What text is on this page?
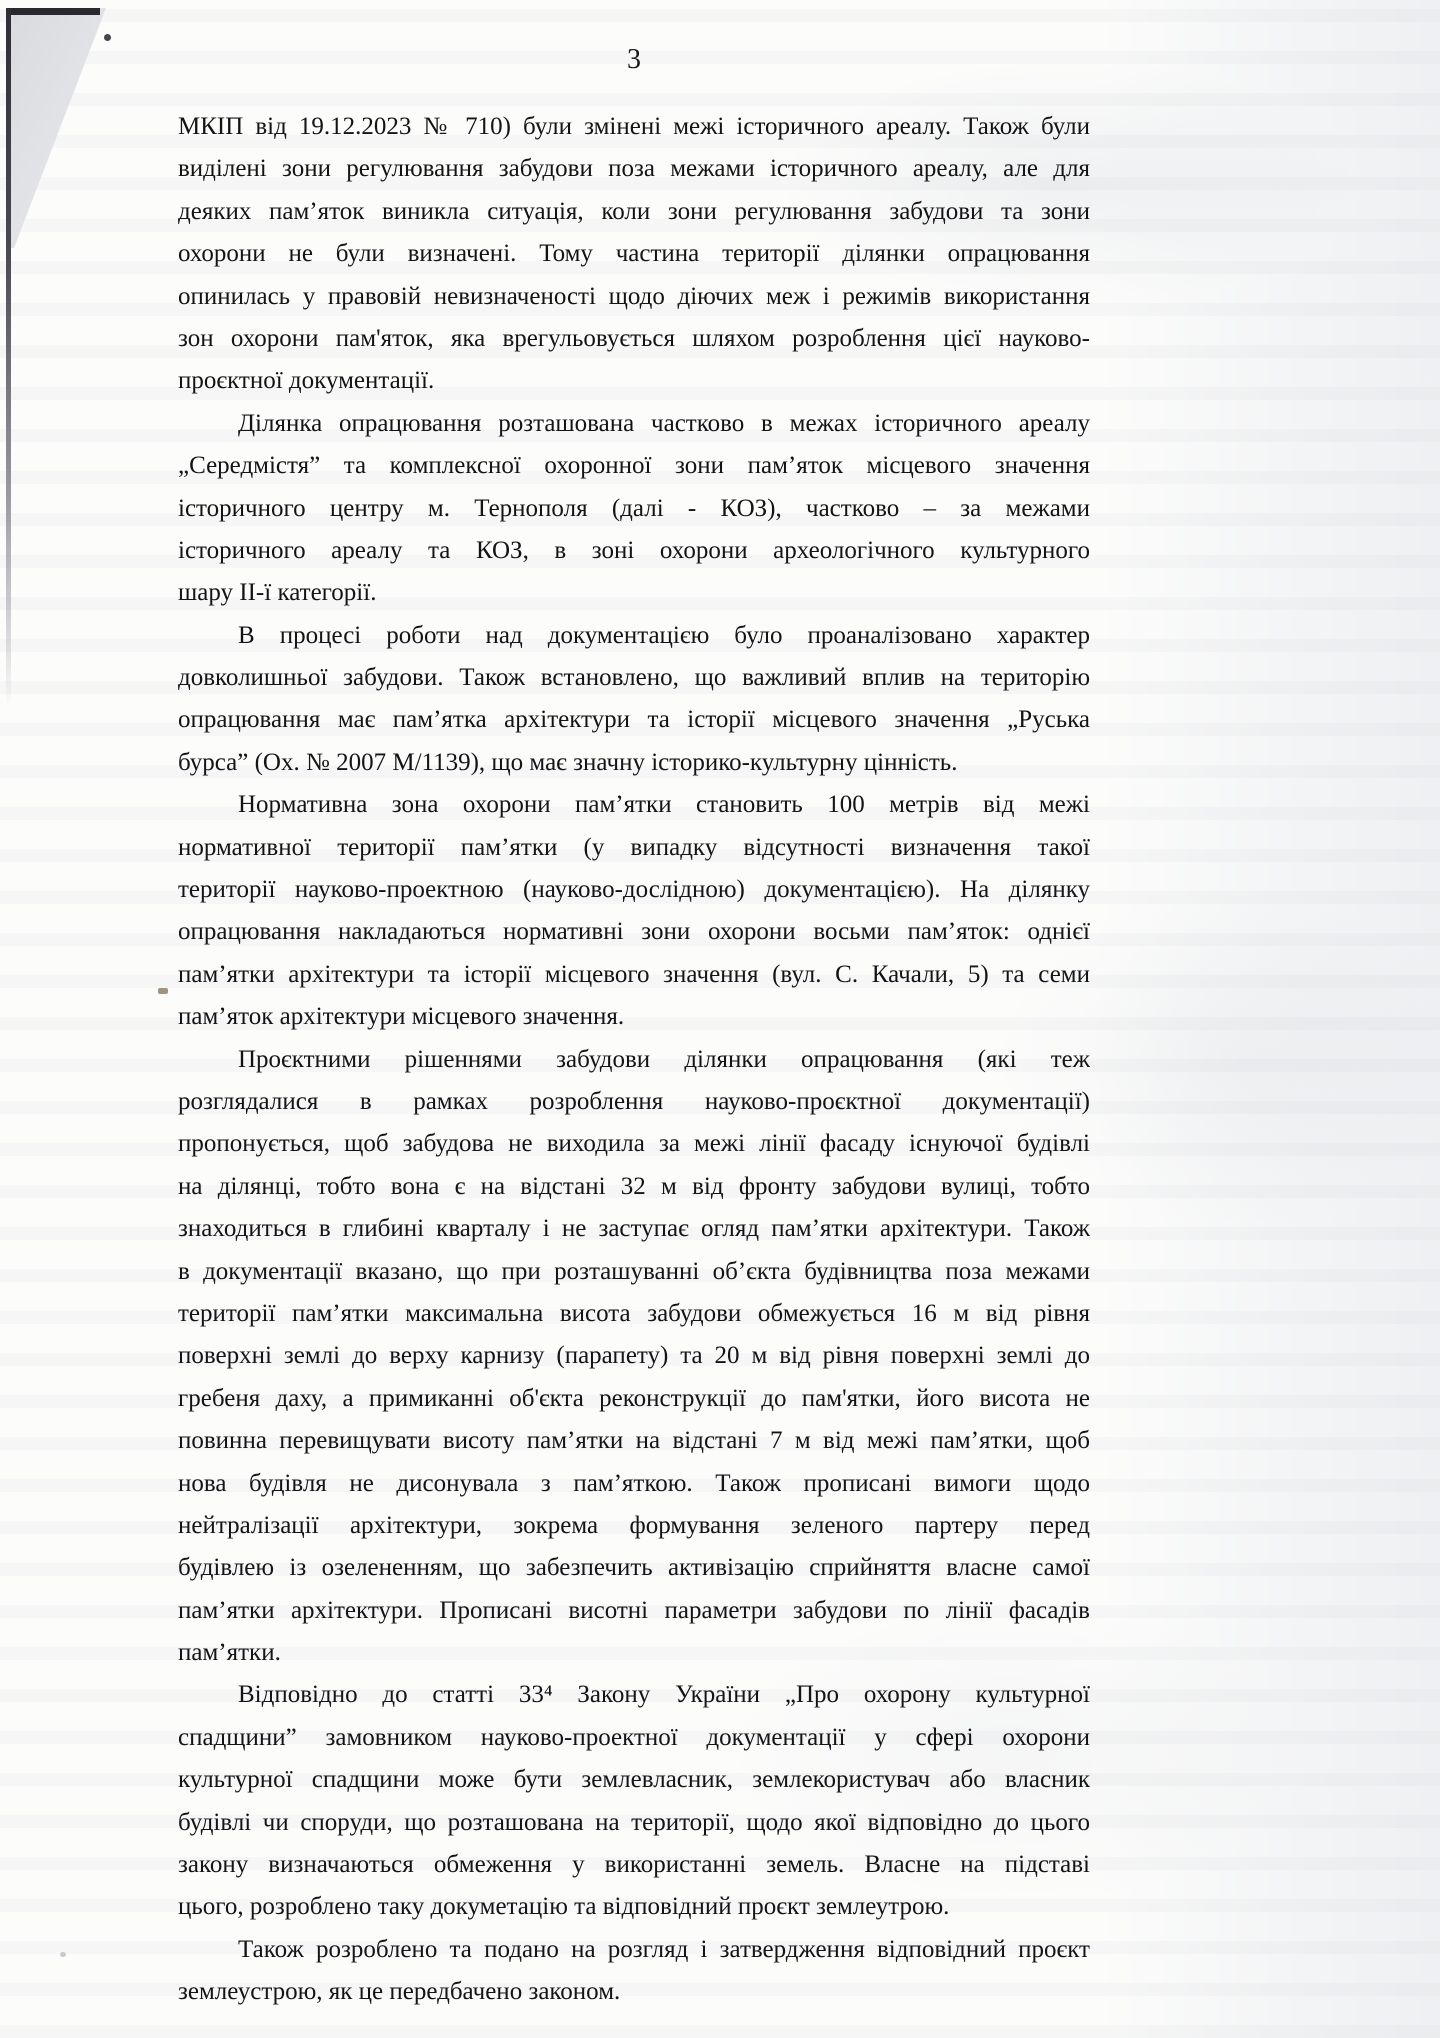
3
МКІП від 19.12.2023 № 710) були змінені межі історичного ареалу. Також були
виділені зони регулювання забудови поза межами історичного ареалу, але для
деяких пам’яток виникла ситуація, коли зони регулювання забудови та зони
охорони не були визначені. Тому частина території ділянки опрацювання
опинилась у правовій невизначеності щодо діючих меж і режимів використання
зон охорони пам'яток, яка врегульовується шляхом розроблення цієї науково-
проєктної документації.
Ділянка опрацювання розташована частково в межах історичного ареалу
„Середмістя” та комплексної охоронної зони пам’яток місцевого значення
історичного центру м. Тернополя (далі - КОЗ), частково – за межами
історичного ареалу та КОЗ, в зоні охорони археологічного культурного
шару ІІ-ї категорії.
В процесі роботи над документацією було проаналізовано характер
довколишньої забудови. Також встановлено, що важливий вплив на територію
опрацювання має пам’ятка архітектури та історії місцевого значення „Руська
бурса” (Ох. № 2007 М/1139), що має значну історико-культурну цінність.
Нормативна зона охорони пам’ятки становить 100 метрів від межі
нормативної території пам’ятки (у випадку відсутності визначення такої
території науково-проектною (науково-дослідною) документацією). На ділянку
опрацювання накладаються нормативні зони охорони восьми пам’яток: однієї
пам’ятки архітектури та історії місцевого значення (вул. С. Качали, 5) та семи
пам’яток архітектури місцевого значення.
Проєктними рішеннями забудови ділянки опрацювання (які теж
розглядалися в рамках розроблення науково-проєктної документації)
пропонується, щоб забудова не виходила за межі лінії фасаду існуючої будівлі
на ділянці, тобто вона є на відстані 32 м від фронту забудови вулиці, тобто
знаходиться в глибині кварталу і не заступає огляд пам’ятки архітектури. Також
в документації вказано, що при розташуванні об’єкта будівництва поза межами
території пам’ятки максимальна висота забудови обмежується 16 м від рівня
поверхні землі до верху карнизу (парапету) та 20 м від рівня поверхні землі до
гребеня даху, а примиканні об'єкта реконструкції до пам'ятки, його висота не
повинна перевищувати висоту пам’ятки на відстані 7 м від межі пам’ятки, щоб
нова будівля не дисонувала з пам’яткою. Також прописані вимоги щодо
нейтралізації архітектури, зокрема формування зеленого партеру перед
будівлею із озелененням, що забезпечить активізацію сприйняття власне самої
пам’ятки архітектури. Прописані висотні параметри забудови по лінії фасадів
пам’ятки.
Відповідно до статті 33⁴ Закону України „Про охорону культурної
спадщини” замовником науково-проектної документації у сфері охорони
культурної спадщини може бути землевласник, землекористувач або власник
будівлі чи споруди, що розташована на території, щодо якої відповідно до цього
закону визначаються обмеження у використанні земель. Власне на підставі
цього, розроблено таку докуметацію та відповідний проєкт землеутрою.
Також розроблено та подано на розгляд і затвердження відповідний проєкт
землеустрою, як це передбачено законом.
